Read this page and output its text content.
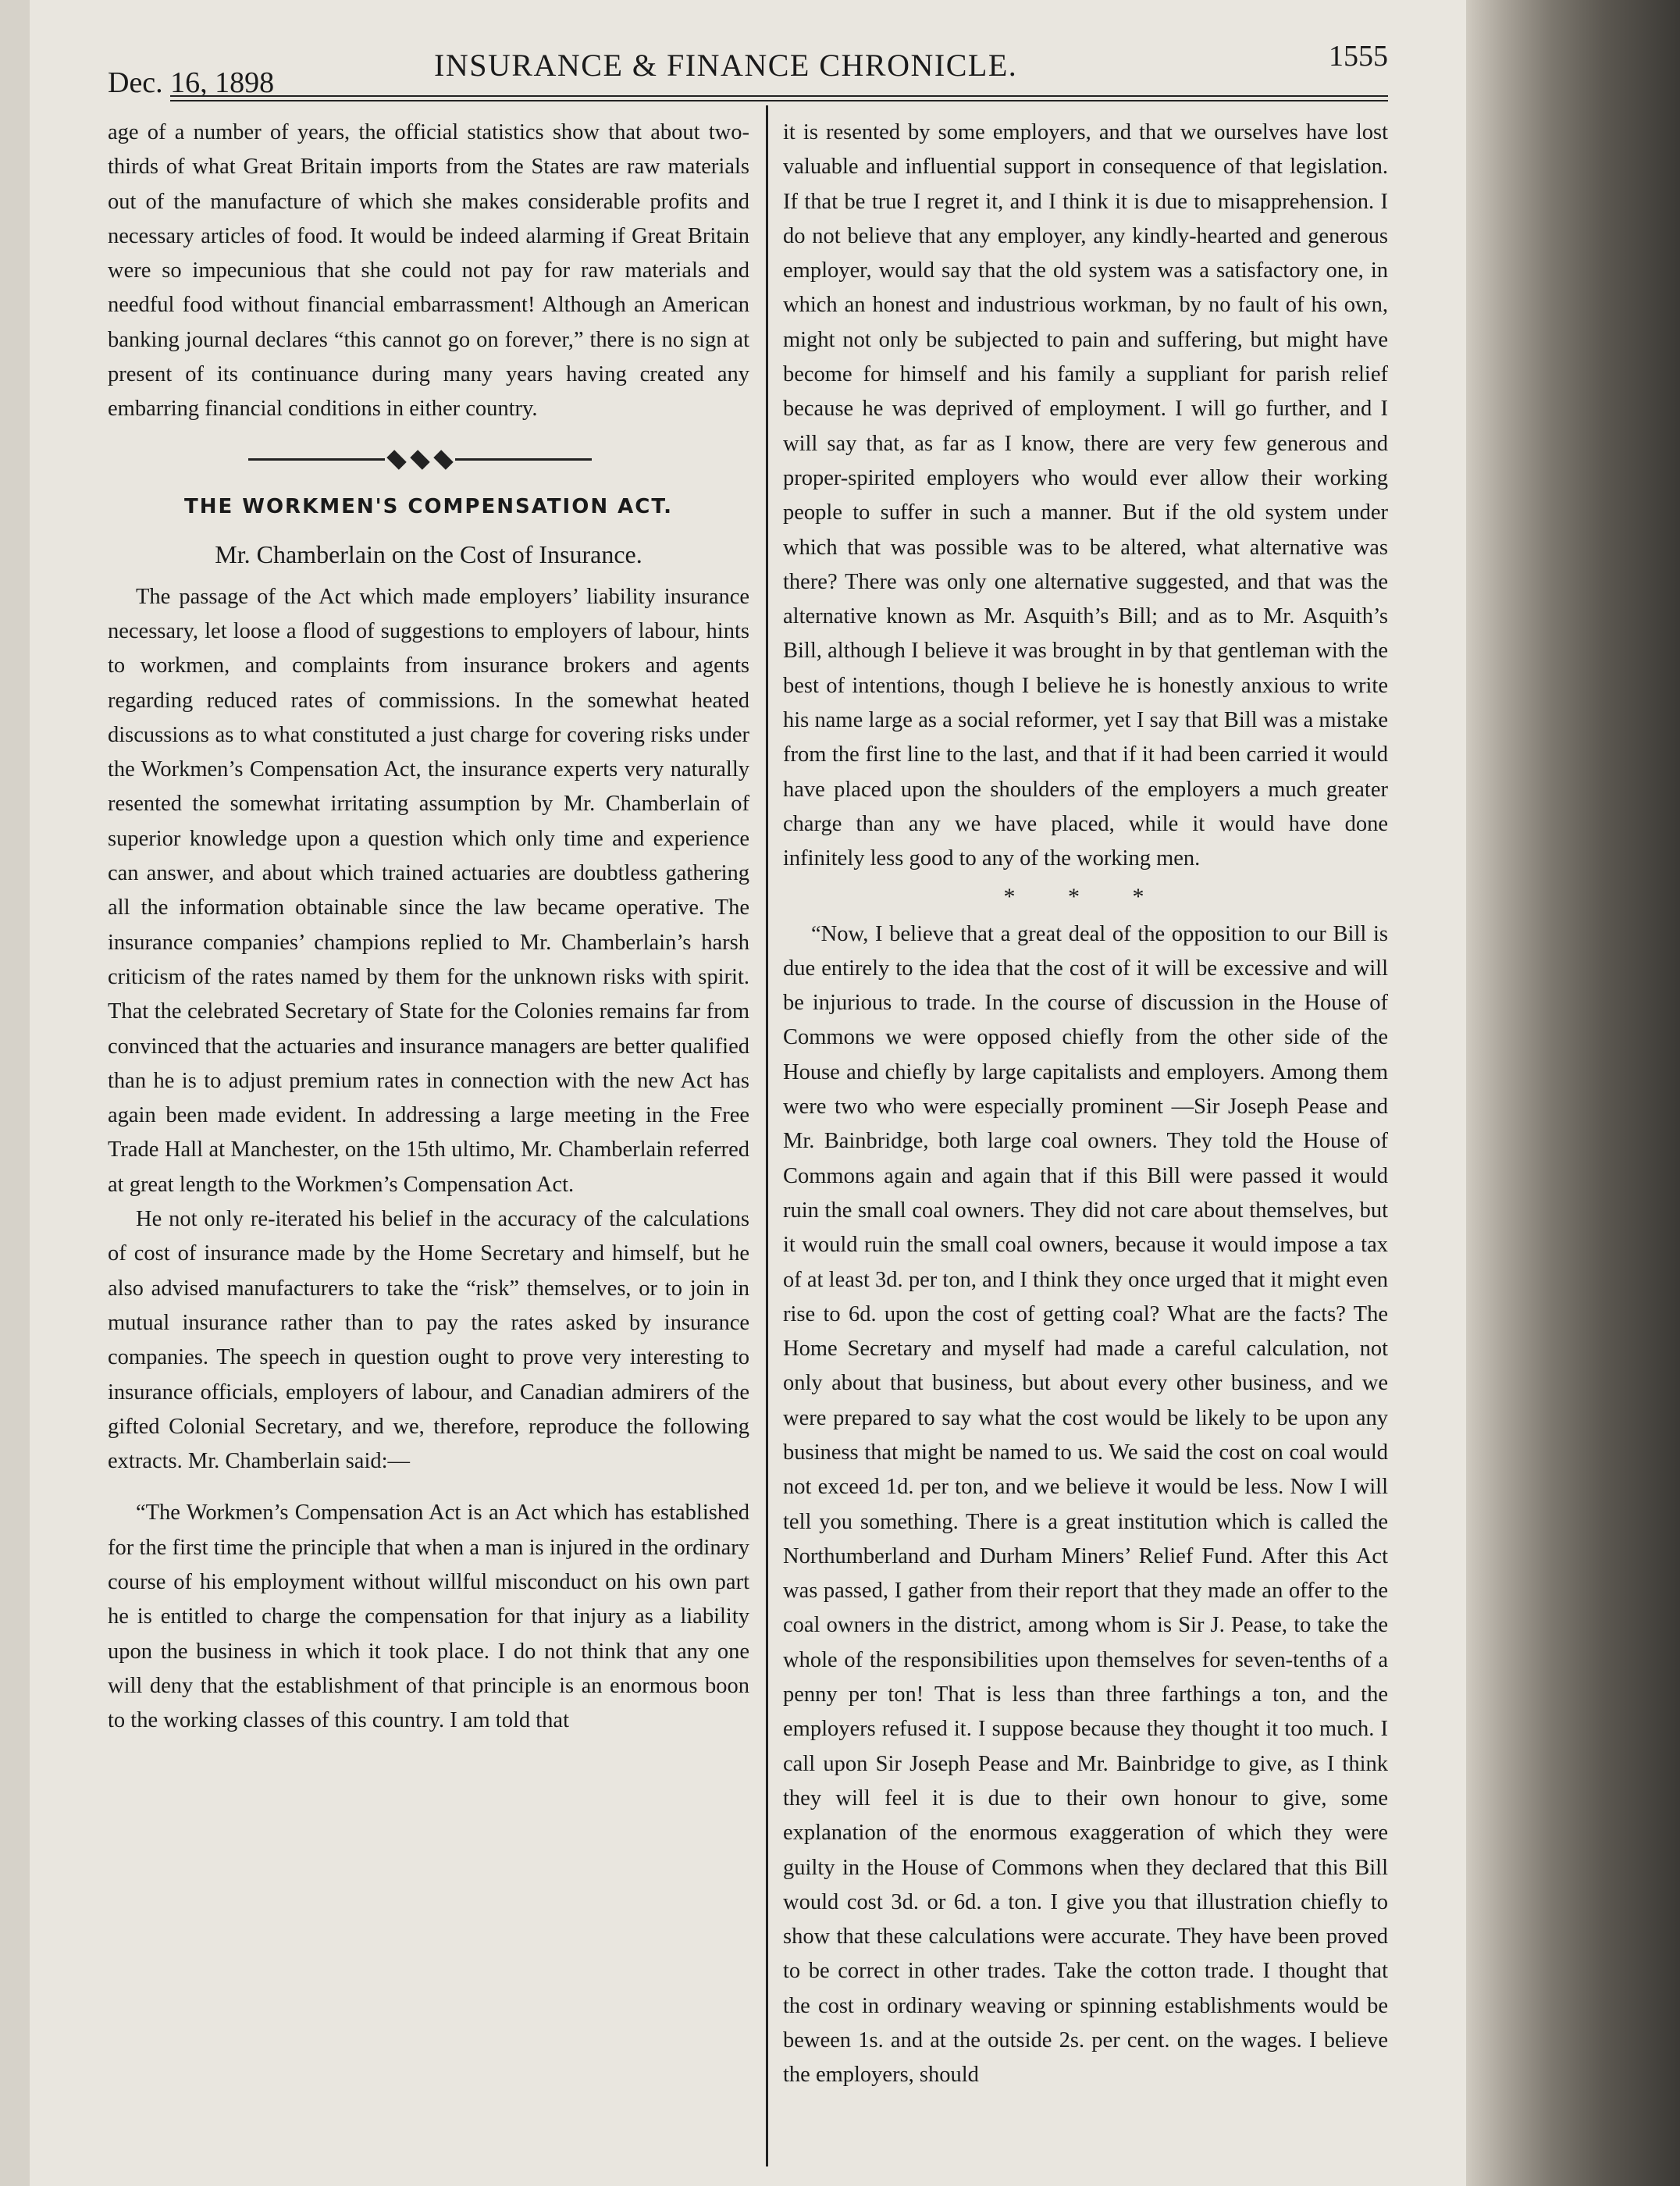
Dec. 16, 1898	INSURANCE & FINANCE CHRONICLE.	1555

age of a number of years, the official statistics show that about two-thirds of what Great Britain imports from the States are raw materials out of the manufacture of which she makes considerable profits and necessary articles of food. It would be indeed alarming if Great Britain were so impecunious that she could not pay for raw materials and needful food without financial embarrassment! Although an American banking journal declares “this cannot go on forever,” there is no sign at present of its continuance during many years having created any embarring financial conditions in either country.

THE WORKMEN'S COMPENSATION ACT.
Mr. Chamberlain on the Cost of Insurance.

The passage of the Act which made employers’ liability insurance necessary, let loose a flood of suggestions to employers of labour, hints to workmen, and complaints from insurance brokers and agents regarding reduced rates of commissions. In the somewhat heated discussions as to what constituted a just charge for covering risks under the Workmen’s Compensation Act, the insurance experts very naturally resented the somewhat irritating assumption by Mr. Chamberlain of superior knowledge upon a question which only time and experience can answer, and about which trained actuaries are doubtless gathering all the information obtainable since the law became operative. The insurance companies’ champions replied to Mr. Chamberlain’s harsh criticism of the rates named by them for the unknown risks with spirit. That the celebrated Secretary of State for the Colonies remains far from convinced that the actuaries and insurance managers are better qualified than he is to adjust premium rates in connection with the new Act has again been made evident. In addressing a large meeting in the Free Trade Hall at Manchester, on the 15th ultimo, Mr. Chamberlain referred at great length to the Workmen’s Compensation Act.

He not only re-iterated his belief in the accuracy of the calculations of cost of insurance made by the Home Secretary and himself, but he also advised manufacturers to take the “risk” themselves, or to join in mutual insurance rather than to pay the rates asked by insurance companies. The speech in question ought to prove very interesting to insurance officials, employers of labour, and Canadian admirers of the gifted Colonial Secretary, and we, therefore, reproduce the following extracts. Mr. Chamberlain said:—

“The Workmen’s Compensation Act is an Act which has established for the first time the principle that when a man is injured in the ordinary course of his employment without willful misconduct on his own part he is entitled to charge the compensation for that injury as a liability upon the business in which it took place. I do not think that any one will deny that the establishment of that principle is an enormous boon to the working classes of this country. I am told that

it is resented by some employers, and that we ourselves have lost valuable and influential support in consequence of that legislation. If that be true I regret it, and I think it is due to misapprehension. I do not believe that any employer, any kindly-hearted and generous employer, would say that the old system was a satisfactory one, in which an honest and industrious workman, by no fault of his own, might not only be subjected to pain and suffering, but might have become for himself and his family a suppliant for parish relief because he was deprived of employment. I will go further, and I will say that, as far as I know, there are very few generous and proper-spirited employers who would ever allow their working people to suffer in such a manner. But if the old system under which that was possible was to be altered, what alternative was there? There was only one alternative suggested, and that was the alternative known as Mr. Asquith’s Bill; and as to Mr. Asquith’s Bill, although I believe it was brought in by that gentleman with the best of intentions, though I believe he is honestly anxious to write his name large as a social reformer, yet I say that Bill was a mistake from the first line to the last, and that if it had been carried it would have placed upon the shoulders of the employers a much greater charge than any we have placed, while it would have done infinitely less good to any of the working men.

* * *

“Now, I believe that a great deal of the opposition to our Bill is due entirely to the idea that the cost of it will be excessive and will be injurious to trade. In the course of discussion in the House of Commons we were opposed chiefly from the other side of the House and chiefly by large capitalists and employers. Among them were two who were especially prominent —Sir Joseph Pease and Mr. Bainbridge, both large coal owners. They told the House of Commons again and again that if this Bill were passed it would ruin the small coal owners. They did not care about themselves, but it would ruin the small coal owners, because it would impose a tax of at least 3d. per ton, and I think they once urged that it might even rise to 6d. upon the cost of getting coal? What are the facts? The Home Secretary and myself had made a careful calculation, not only about that business, but about every other business, and we were prepared to say what the cost would be likely to be upon any business that might be named to us. We said the cost on coal would not exceed 1d. per ton, and we believe it would be less. Now I will tell you something. There is a great institution which is called the Northumberland and Durham Miners’ Relief Fund. After this Act was passed, I gather from their report that they made an offer to the coal owners in the district, among whom is Sir J. Pease, to take the whole of the responsibilities upon themselves for seven-tenths of a penny per ton! That is less than three farthings a ton, and the employers refused it. I suppose because they thought it too much. I call upon Sir Joseph Pease and Mr. Bainbridge to give, as I think they will feel it is due to their own honour to give, some explanation of the enormous exaggeration of which they were guilty in the House of Commons when they declared that this Bill would cost 3d. or 6d. a ton. I give you that illustration chiefly to show that these calculations were accurate. They have been proved to be correct in other trades. Take the cotton trade. I thought that the cost in ordinary weaving or spinning establishments would be beween 1s. and at the outside 2s. per cent. on the wages. I believe the employers, should
